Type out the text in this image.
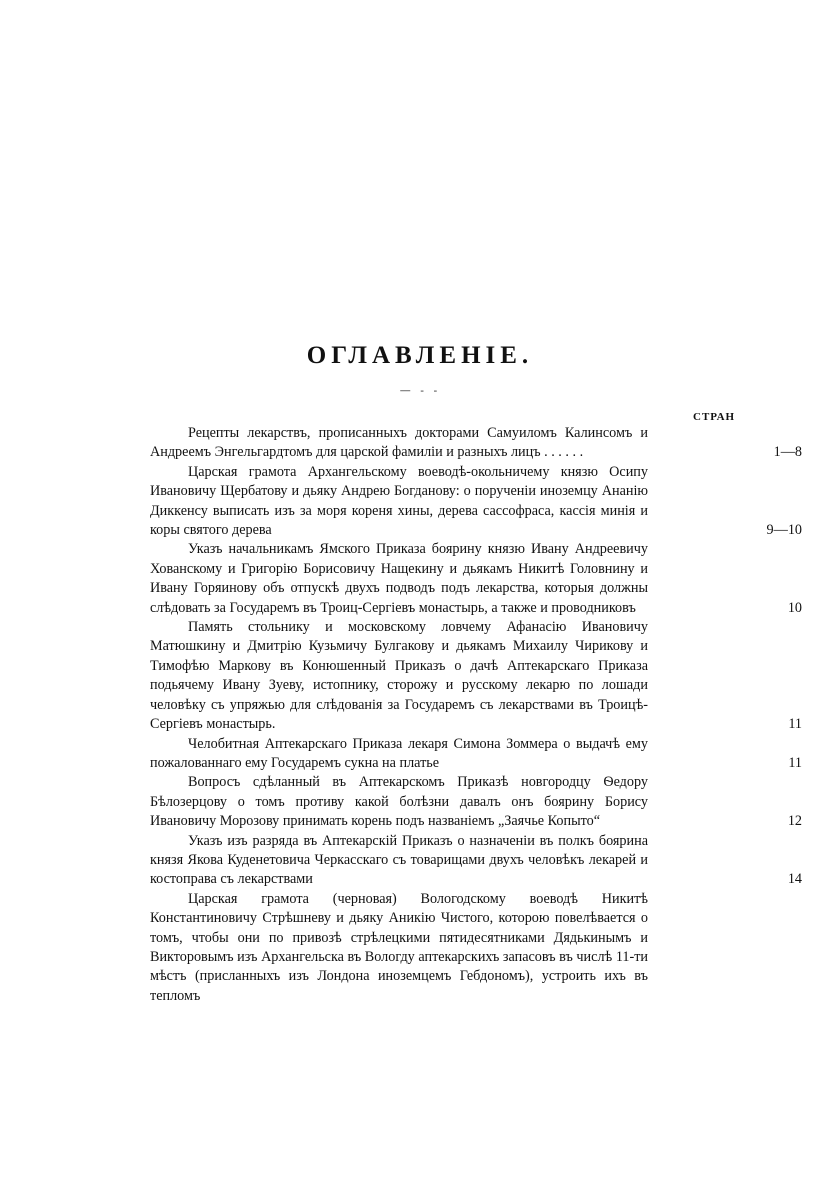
ОГЛАВЛЕНІЕ.
— - -
СТРАН

Рецепты лекарствъ, прописанныхъ докторами Самуиломъ Калинсомъ и Андреемъ Энгельгардтомъ для царской фамиліи и разныхъ лицъ . . . . . .	1—8

Царская грамота Архангельскому воеводѣ-окольничему князю Осипу Ивановичу Щербатову и дьяку Андрею Богданову: о порученіи иноземцу Ананію Диккенсу выписать изъ за моря кореня хины, дерева сассофраса, кассія минія и коры святого дерева	9—10

Указъ начальникамъ Ямского Приказа боярину князю Ивану Андреевичу Хованскому и Григорію Борисовичу Нащекину и дьякамъ Никитѣ Головнину и Ивану Горяинову объ отпускѣ двухъ подводъ подъ лекарства, которыя должны слѣдовать за Государемъ въ Троиц-Сергіевъ монастырь, а также и проводниковъ	10

Память стольнику и московскому ловчему Афанасію Ивановичу Матюшкину и Дмитрію Кузьмичу Булгакову и дьякамъ Михаилу Чирикову и Тимофѣю Маркову въ Конюшенный Приказъ о дачѣ Аптекарскаго Приказа подьячему Ивану Зуеву, истопнику, сторожу и русскому лекарю по лошади человѣку съ упряжью для слѣдованія за Государемъ съ лекарствами въ Троицѣ-Сергіевъ монастырь.	11

Челобитная Аптекарскаго Приказа лекаря Симона Зоммера о выдачѣ ему пожалованнаго ему Государемъ сукна на платье	11

Вопросъ сдѣланный въ Аптекарскомъ Приказѣ новгородцу Ѳедору Бѣлозерцову о томъ противу какой болѣзни давалъ онъ боярину Борису Ивановичу Морозову принимать корень подъ названіемъ „Заячье Копыто“	12

Указъ изъ разряда въ Аптекарскій Приказъ о назначеніи въ полкъ боярина князя Якова Куденетовича Черкасскаго съ товарищами двухъ человѣкъ лекарей и костоправа съ лекарствами	14

Царская грамота (черновая) Вологодскому воеводѣ Никитѣ Константиновичу Стрѣшневу и дьяку Аникію Чистого, которою повелѣвается о томъ, чтобы они по привозѣ стрѣлецкими пятидесятниками Дядькинымъ и Викторовымъ изъ Архангельска въ Вологду аптекарскихъ запасовъ въ числѣ 11-ти мѣстъ (присланныхъ изъ Лондона иноземцемъ Гебдономъ), устроить ихъ въ тепломъ
